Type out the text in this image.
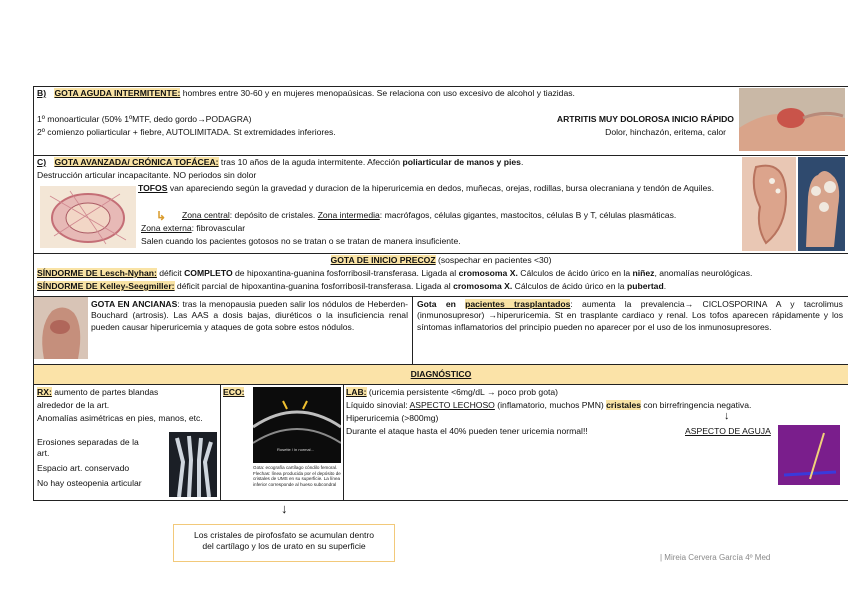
B) GOTA AGUDA INTERMITENTE: hombres entre 30-60 y en mujeres menopaúsicas. Se relaciona con uso excesivo de alcohol y tiazidas.
1º monoarticular (50% 1ºMTF, dedo gordo→PODAGRA)
2º comienzo poliarticular + fiebre, AUTOLIMITADA. St extremidades inferiores.
ARTRITIS MUY DOLOROSA INICIO RÁPIDO
Dolor, hinchazón, eritema, calor
C) GOTA AVANZADA/ CRÓNICA TOFÁCEA: tras 10 años de la aguda intermitente. Afección poliarticular de manos y pies.
Destrucción articular incapacitante. NO periodos sin dolor
TOFOS van apareciendo según la gravedad y duracion de la hiperuricemia en dedos, muñecas, orejas, rodillas, bursa olecraniana y tendón de Aquiles.
↳ Zona central: depósito de cristales. Zona intermedia: macrófagos, células gigantes, mastocitos, células B y T, células plasmáticas.
Zona externa: fibrovascular
Salen cuando los pacientes gotosos no se tratan o se tratan de manera insuficiente.
GOTA DE INICIO PRECOZ (sospechar en pacientes <30)
SÍNDORME DE Lesch-Nyhan: déficit COMPLETO de hipoxantina-guanina fosforribosil-transferasa. Ligada al cromosoma X. Cálculos de ácido úrico en la niñez, anomalías neurológicas.
SÍNDORME DE Kelley-Seegmiller: déficit parcial de hipoxantina-guanina fosforribosil-transferasa. Ligada al cromosoma X. Cálculos de ácido úrico en la pubertad.
GOTA EN ANCIANAS: tras la menopausia pueden salir los nódulos de Heberden-Bouchard (artrosis). Las AAS a dosis bajas, diuréticos o la insuficiencia renal pueden causar hiperuricemia y ataques de gota sobre estos nódulos.
Gota en pacientes trasplantados: aumenta la prevalencia→ CICLOSPORINA A y tacrolimus (inmunosupresor) →hiperuricemia. St en trasplante cardiaco y renal. Los tofos aparecen rápidamente y los síntomas inflamatorios del principio pueden no aparecer por el uso de los inmunosupresores.
DIAGNÓSTICO
RX: aumento de partes blandas
alrededor de la art.
Anomalías asimétricas en pies, manos, etc.
Erosiones separadas de la art.
Espacio art. conservado
No hay osteopenia articular
ECO:
Rosette / in normal...
Gota: ecografía cartílago cóndilo femoral. Flechas: línea producida por el depósito de cristales de UMS en su superficie. La línea inferior corresponde al hueso subcondral
LAB: (uricemia persistente <6mg/dL → poco prob gota)
Líquido sinovial: ASPECTO LECHOSO (inflamatorio, muchos PMN) cristales con birrefringencia negativa.
Hiperuricemia (>800mg)
Durante el ataque hasta el 40% pueden tener uricemia normal!!	ASPECTO DE AGUJA
↓
↓
Los cristales de pirofosfato se acumulan dentro
del cartílago y los de urato en su superficie
| Mireia Cervera García 4º Med
